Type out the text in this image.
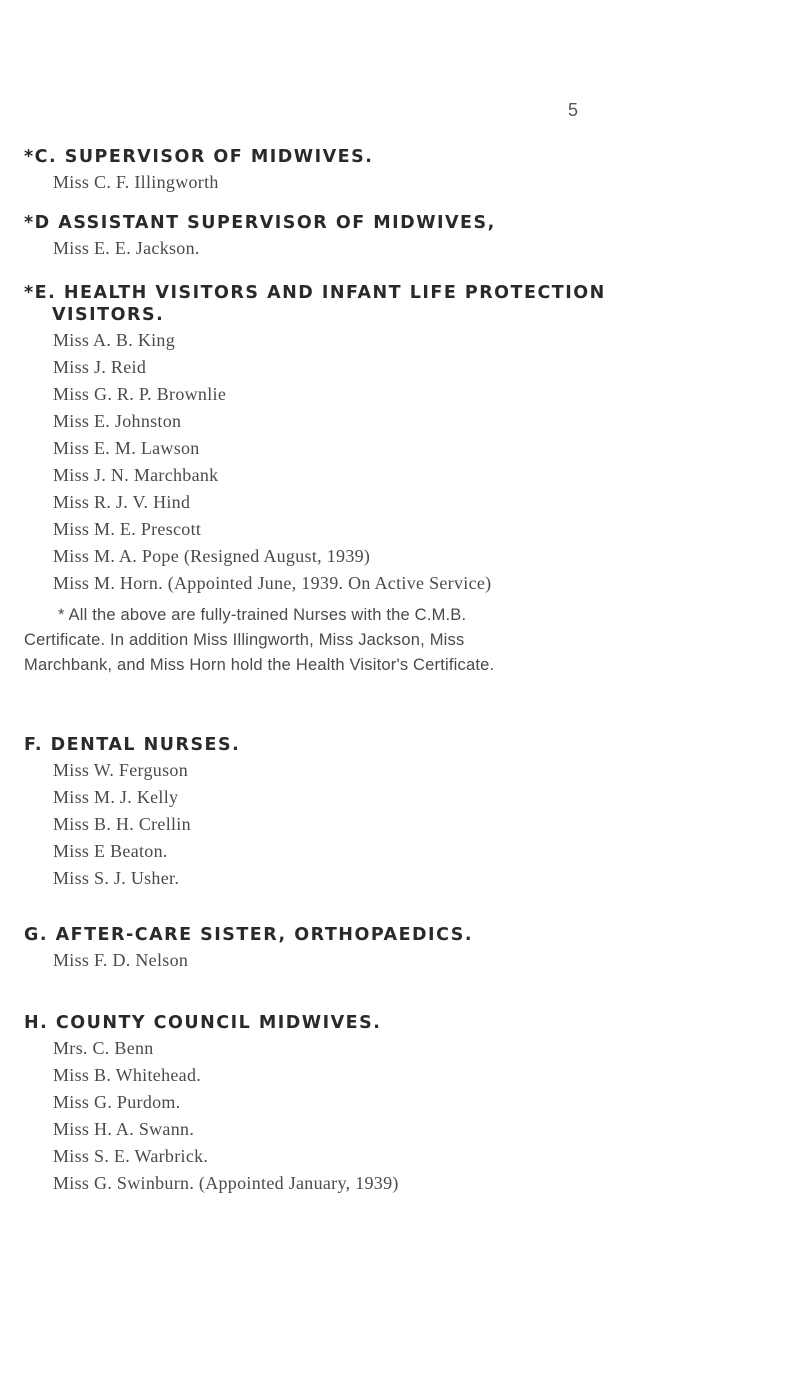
5
*C. SUPERVISOR OF MIDWIVES.
Miss C. F. Illingworth
*D ASSISTANT SUPERVISOR OF MIDWIVES,
Miss E. E. Jackson.
*E. HEALTH VISITORS AND INFANT LIFE PROTECTION
VISITORS.
Miss A. B. King
Miss J. Reid
Miss G. R. P. Brownlie
Miss E. Johnston
Miss E. M. Lawson
Miss J. N. Marchbank
Miss R. J. V. Hind
Miss M. E. Prescott
Miss M. A. Pope (Resigned August, 1939)
Miss M. Horn. (Appointed June, 1939. On Active Service)
* All the above are fully-trained Nurses with the C.M.B.
Certificate. In addition Miss Illingworth, Miss Jackson, Miss
Marchbank, and Miss Horn hold the Health Visitor's Certificate.
F. DENTAL NURSES.
Miss W. Ferguson
Miss M. J. Kelly
Miss B. H. Crellin
Miss E Beaton.
Miss S. J. Usher.
G. AFTER-CARE SISTER, ORTHOPAEDICS.
Miss F. D. Nelson
H. COUNTY COUNCIL MIDWIVES.
Mrs. C. Benn
Miss B. Whitehead.
Miss G. Purdom.
Miss H. A. Swann.
Miss S. E. Warbrick.
Miss G. Swinburn. (Appointed January, 1939)
